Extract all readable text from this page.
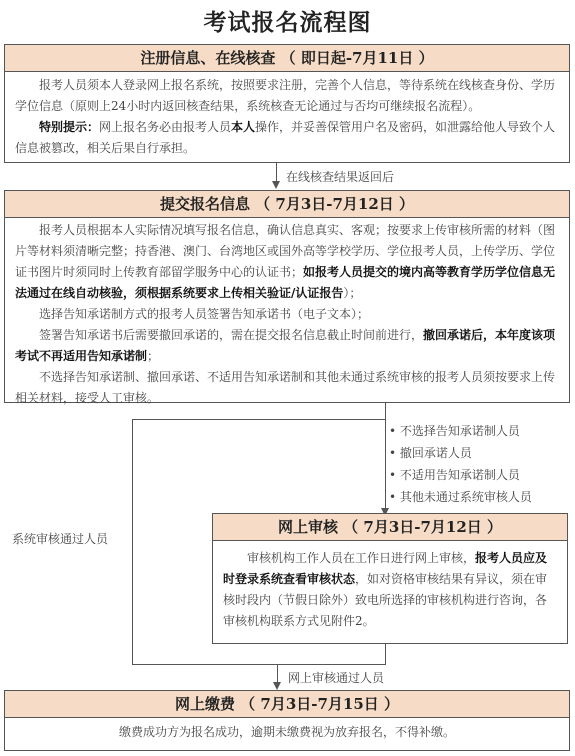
考试报名流程图
注册信息、在线核查 （ 即日起-7月11日 ）

报考人员须本人登录网上报名系统，按照要求注册，完善个人信息，等待系统在线核查身份、学历学位信息（原则上24小时内返回核查结果，系统核查无论通过与否均可继续报名流程）。

特别提示：网上报名务必由报考人员本人操作，并妥善保管用户名及密码，如泄露给他人导致个人信息被篡改，相关后果自行承担。

在线核查结果返回后
提交报名信息 （ 7月3日-7月12日 ）

报考人员根据本人实际情况填写报名信息，确认信息真实、客观；按要求上传审核所需的材料（图片等材料须清晰完整；持香港、澳门、台湾地区或国外高等学校学历、学位报考人员，上传学历、学位证书图片时须同时上传教育部留学服务中心的认证书；如报考人员提交的境内高等教育学历学位信息无法通过在线自动核验，须根据系统要求上传相关验证/认证报告）；

选择告知承诺制方式的报考人员签署告知承诺书（电子文本）；

签署告知承诺书后需要撤回承诺的，需在提交报名信息截止时间前进行，撤回承诺后，本年度该项考试不再适用告知承诺制；

不选择告知承诺制、撤回承诺、不适用告知承诺制和其他未通过系统审核的报考人员须按要求上传相关材料，接受人工审核。

• 不选择告知承诺制人员
• 撤回承诺人员
• 不适用告知承诺制人员
• 其他未通过系统审核人员
系统审核通过人员
网上审核 （ 7月3日-7月12日 ）

审核机构工作人员在工作日进行网上审核，报考人员应及时登录系统查看审核状态，如对资格审核结果有异议，须在审核时段内（节假日除外）致电所选择的审核机构进行咨询，各审核机构联系方式见附件2。

网上审核通过人员
网上缴费 （ 7月3日-7月15日 ）
缴费成功方为报名成功，逾期未缴费视为放弃报名，不得补缴。
